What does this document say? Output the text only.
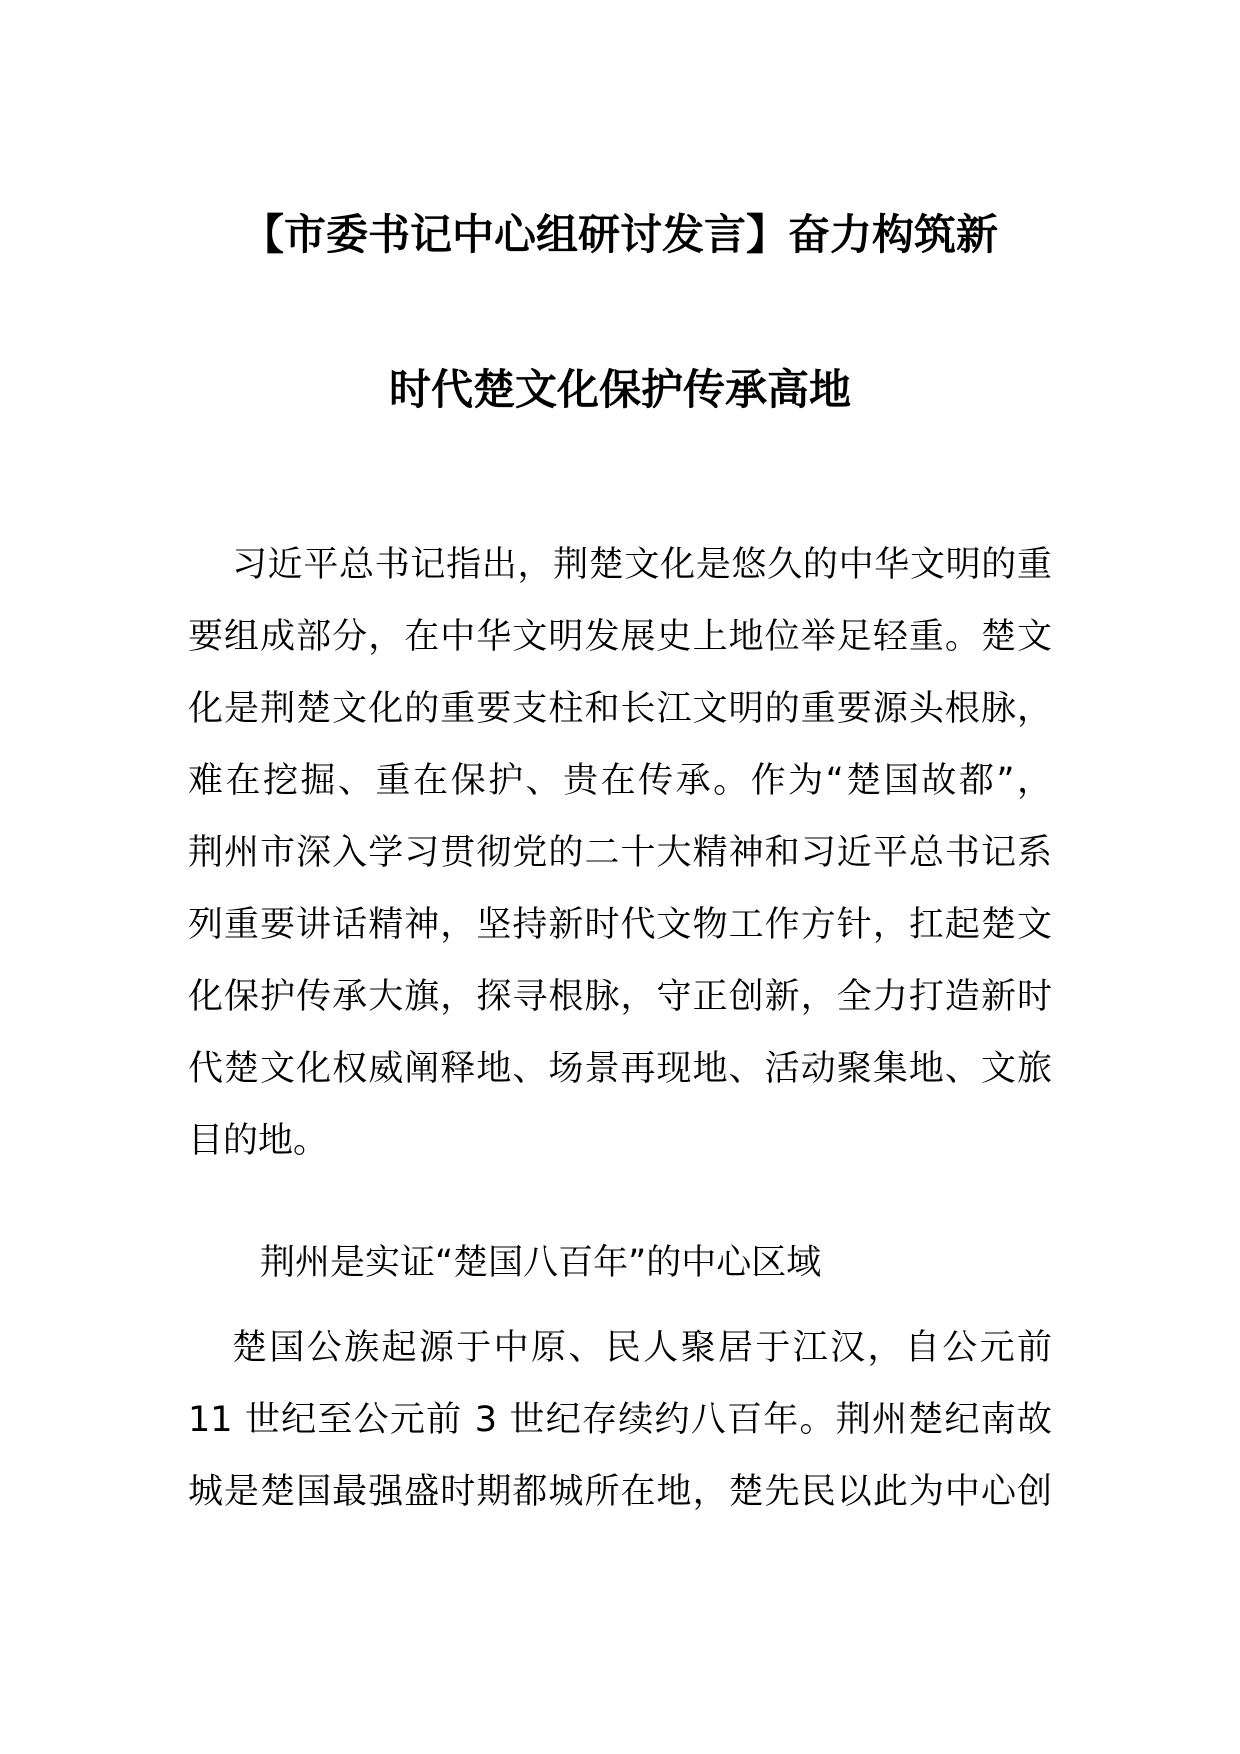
【市委书记中心组研讨发言】奋力构筑新
时代楚文化保护传承高地
习近平总书记指出，荆楚文化是悠久的中华文明的重
要组成部分，在中华文明发展史上地位举足轻重。楚文
化是荆楚文化的重要支柱和长江文明的重要源头根脉，
难在挖掘、重在保护、贵在传承。作为“楚国故都”，
荆州市深入学习贯彻党的二十大精神和习近平总书记系
列重要讲话精神，坚持新时代文物工作方针，扛起楚文
化保护传承大旗，探寻根脉，守正创新，全力打造新时
代楚文化权威阐释地、场景再现地、活动聚集地、文旅
目的地。
荆州是实证“楚国八百年”的中心区域
楚国公族起源于中原、民人聚居于江汉，自公元前
11 世纪至公元前 3 世纪存续约八百年。荆州楚纪南故
城是楚国最强盛时期都城所在地，楚先民以此为中心创
